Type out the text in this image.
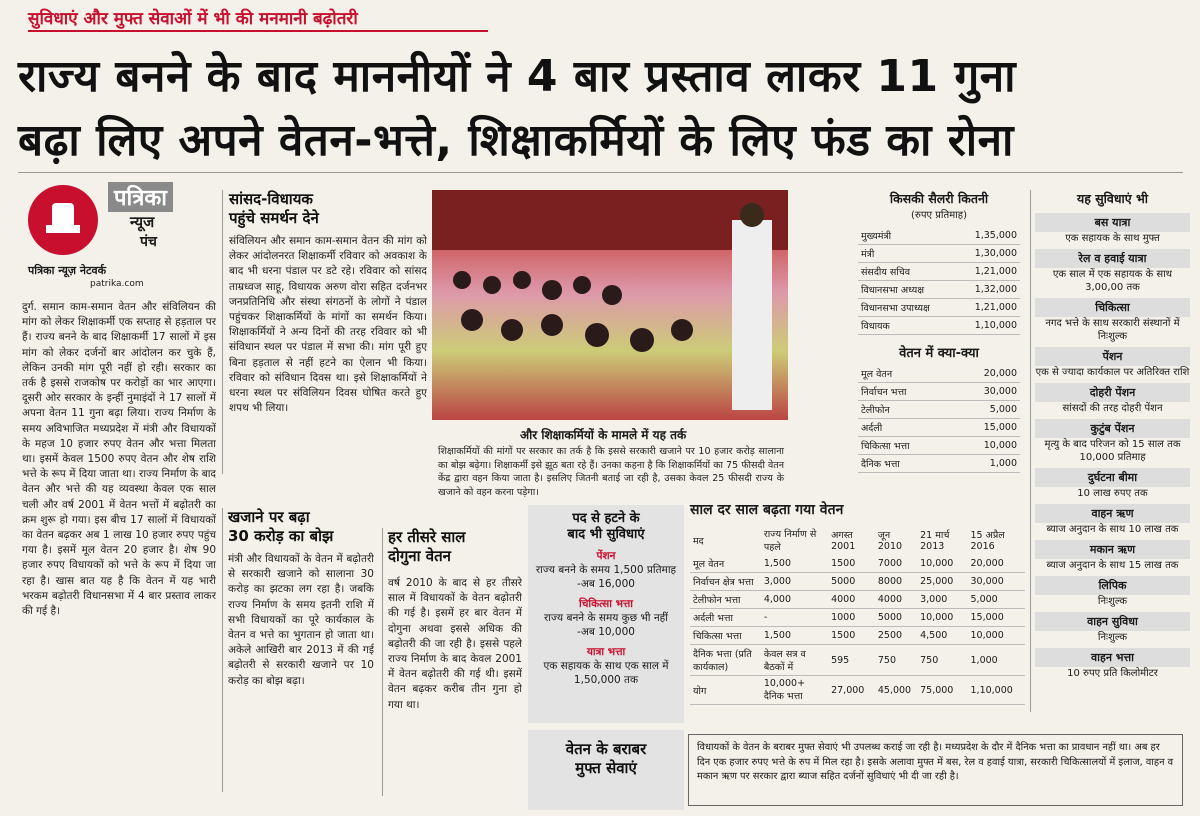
सुविधाएं और मुफ्त सेवाओं में भी की मनमानी बढ़ोतरी
राज्य बनने के बाद माननीयों ने 4 बार प्रस्ताव लाकर 11 गुना
बढ़ा लिए अपने वेतन-भत्ते, शिक्षाकर्मियों के लिए फंड का रोना
पत्रिका
न्यूज
पंच
पत्रिका न्यूज़ नेटवर्क
patrika.com
दुर्ग. समान काम-समान वेतन और संविलियन की मांग को लेकर शिक्षाकर्मी एक सप्ताह से हड़ताल पर हैं। राज्य बनने के बाद शिक्षाकर्मी 17 सालों में इस मांग को लेकर दर्जनों बार आंदोलन कर चुके हैं, लेकिन उनकी मांग पूरी नहीं हो रही। सरकार का तर्क है इससे राजकोष पर करोड़ों का भार आएगा। दूसरी ओर सरकार के इन्हीं नुमाइंदों ने 17 सालों में अपना वेतन 11 गुना बढ़ा लिया। राज्य निर्माण के समय अविभाजित मध्यप्रदेश में मंत्री और विधायकों के महज 10 हजार रुपए वेतन और भत्ता मिलता था। इसमें केवल 1500 रुपए वेतन और शेष राशि भत्ते के रूप में दिया जाता था। राज्य निर्माण के बाद वेतन और भत्ते की यह व्यवस्था केवल एक साल चली और वर्ष 2001 में वेतन भत्तों में बढ़ोतरी का क्रम शुरू हो गया। इस बीच 17 सालों में विधायकों का वेतन बढ़कर अब 1 लाख 10 हजार रुपए पहुंच गया है। इसमें मूल वेतन 20 हजार है। शेष 90 हजार रुपए विधायकों को भत्ते के रूप में दिया जा रहा है। खास बात यह है कि वेतन में यह भारी भरकम बढ़ोतरी विधानसभा में 4 बार प्रस्ताव लाकर की गई है।
सांसद-विधायक
पहुंचे समर्थन देने
संविलियन और समान काम-समान वेतन की मांग को लेकर आंदोलनरत शिक्षाकर्मी रविवार को अवकाश के बाद भी धरना पंडाल पर डटे रहे। रविवार को सांसद ताम्रध्वज साहू, विधायक अरुण वोरा सहित दर्जनभर जनप्रतिनिधि और संस्था संगठनों के लोगों ने पंडाल पहुंचकर शिक्षाकर्मियों के मांगों का समर्थन किया। शिक्षाकर्मियों ने अन्य दिनों की तरह रविवार को भी संविधान स्थल पर पंडाल में सभा की। मांग पूरी हुए बिना हड़ताल से नहीं हटने का ऐलान भी किया। रविवार को संविधान दिवस था। इसे शिक्षाकर्मियों ने धरना स्थल पर संविलियन दिवस घोषित करते हुए शपथ भी लिया।
और शिक्षाकर्मियों के मामले में यह तर्क
शिक्षाकर्मियों की मांगों पर सरकार का तर्क है कि इससे सरकारी खजाने पर 10 हजार करोड़ सालाना का बोझ बढ़ेगा। शिक्षाकर्मी इसे झूठ बता रहे हैं। उनका कहना है कि शिक्षाकर्मियों का 75 फीसदी वेतन केंद्र द्वारा वहन किया जाता है। इसलिए जितनी बताई जा रही है, उसका केवल 25 फीसदी राज्य के खजाने को वहन करना पड़ेगा।
किसकी सैलरी कितनी
(रुपए प्रतिमाह)
मुख्यमंत्री	1,35,000
मंत्री	1,30,000
संसदीय सचिव	1,21,000
विधानसभा अध्यक्ष	1,32,000
विधानसभा उपाध्यक्ष	1,21,000
विधायक	1,10,000
वेतन में क्या-क्या
मूल वेतन	20,000
निर्वाचन भत्ता	30,000
टेलीफोन	5,000
अर्दली	15,000
चिकित्सा भत्ता	10,000
दैनिक भत्ता	1,000
यह सुविधाएं भी
बस यात्रा
एक सहायक के साथ मुफ्त
रेल व हवाई यात्रा
एक साल में एक सहायक के साथ 3,00,00 तक
चिकित्सा
नगद भत्ते के साथ सरकारी संस्थानों में निःशुल्क
पेंशन
एक से ज्यादा कार्यकाल पर अतिरिक्त राशि
दोहरी पेंशन
सांसदों की तरह दोहरी पेंशन
कुटुंब पेंशन
मृत्यु के बाद परिजन को 15 साल तक 10,000 प्रतिमाह
दुर्घटना बीमा
10 लाख रुपए तक
वाहन ऋण
ब्याज अनुदान के साथ 10 लाख तक
मकान ऋण
ब्याज अनुदान के साथ 15 लाख तक
लिपिक
निःशुल्क
वाहन सुविधा
निःशुल्क
वाहन भत्ता
10 रुपए प्रति किलोमीटर
खजाने पर बढ़ा
30 करोड़ का बोझ
मंत्री और विधायकों के वेतन में बढ़ोतरी से सरकारी खजाने को सालाना 30 करोड़ का झटका लग रहा है। जबकि राज्य निर्माण के समय इतनी राशि में सभी विधायकों का पूरे कार्यकाल के वेतन व भत्ते का भुगतान हो जाता था। अकेले आखिरी बार 2013 में की गई बढ़ोतरी से सरकारी खजाने पर 10 करोड़ का बोझ बढ़ा।
हर तीसरे साल
दोगुना वेतन
वर्ष 2010 के बाद से हर तीसरे साल में विधायकों के वेतन बढ़ोतरी की गई है। इसमें हर बार वेतन में दोगुना अथवा इससे अधिक की बढ़ोतरी की जा रही है। इससे पहले राज्य निर्माण के बाद केवल 2001 में वेतन बढ़ोतरी की गई थी। इसमें वेतन बढ़कर करीब तीन गुना हो गया था।
पद से हटने के
बाद भी सुविधाएं
पेंशन
राज्य बनने के समय 1,500 प्रतिमाह -अब 16,000
चिकित्सा भत्ता
राज्य बनने के समय कुछ भी नहीं -अब 10,000
यात्रा भत्ता
एक सहायक के साथ एक साल में 1,50,000 तक
साल दर साल बढ़ता गया वेतन
मद	राज्य निर्माण से पहले	अगस्त 2001	जून 2010	21 मार्च 2013	15 अप्रैल 2016
मूल वेतन	1,500	1500	7000	10,000	20,000
निर्वाचन क्षेत्र भत्ता	3,000	5000	8000	25,000	30,000
टेलीफोन भत्ता	4,000	4000	4000	3,000	5,000
अर्दली भत्ता	-	1000	5000	10,000	15,000
चिकित्सा भत्ता	1,500	1500	2500	4,500	10,000
दैनिक भत्ता (प्रति कार्यकाल)	केवल सत्र व बैठकों में	595	750	750	1,000
योग	10,000+ दैनिक भत्ता	27,000	45,000	75,000	1,10,000
वेतन के बराबर
मुफ्त सेवाएं
विधायकों के वेतन के बराबर मुफ्त सेवाएं भी उपलब्ध कराई जा रही है। मध्यप्रदेश के दौर में दैनिक भत्ता का प्रावधान नहीं था। अब हर दिन एक हजार रुपए भत्ते के रुप में मिल रहा है। इसके अलावा मुफ्त में बस, रेल व हवाई यात्रा, सरकारी चिकित्सालयों में इलाज, वाहन व मकान ऋण पर सरकार द्वारा ब्याज सहित दर्जनों सुविधाएं भी दी जा रही है।
